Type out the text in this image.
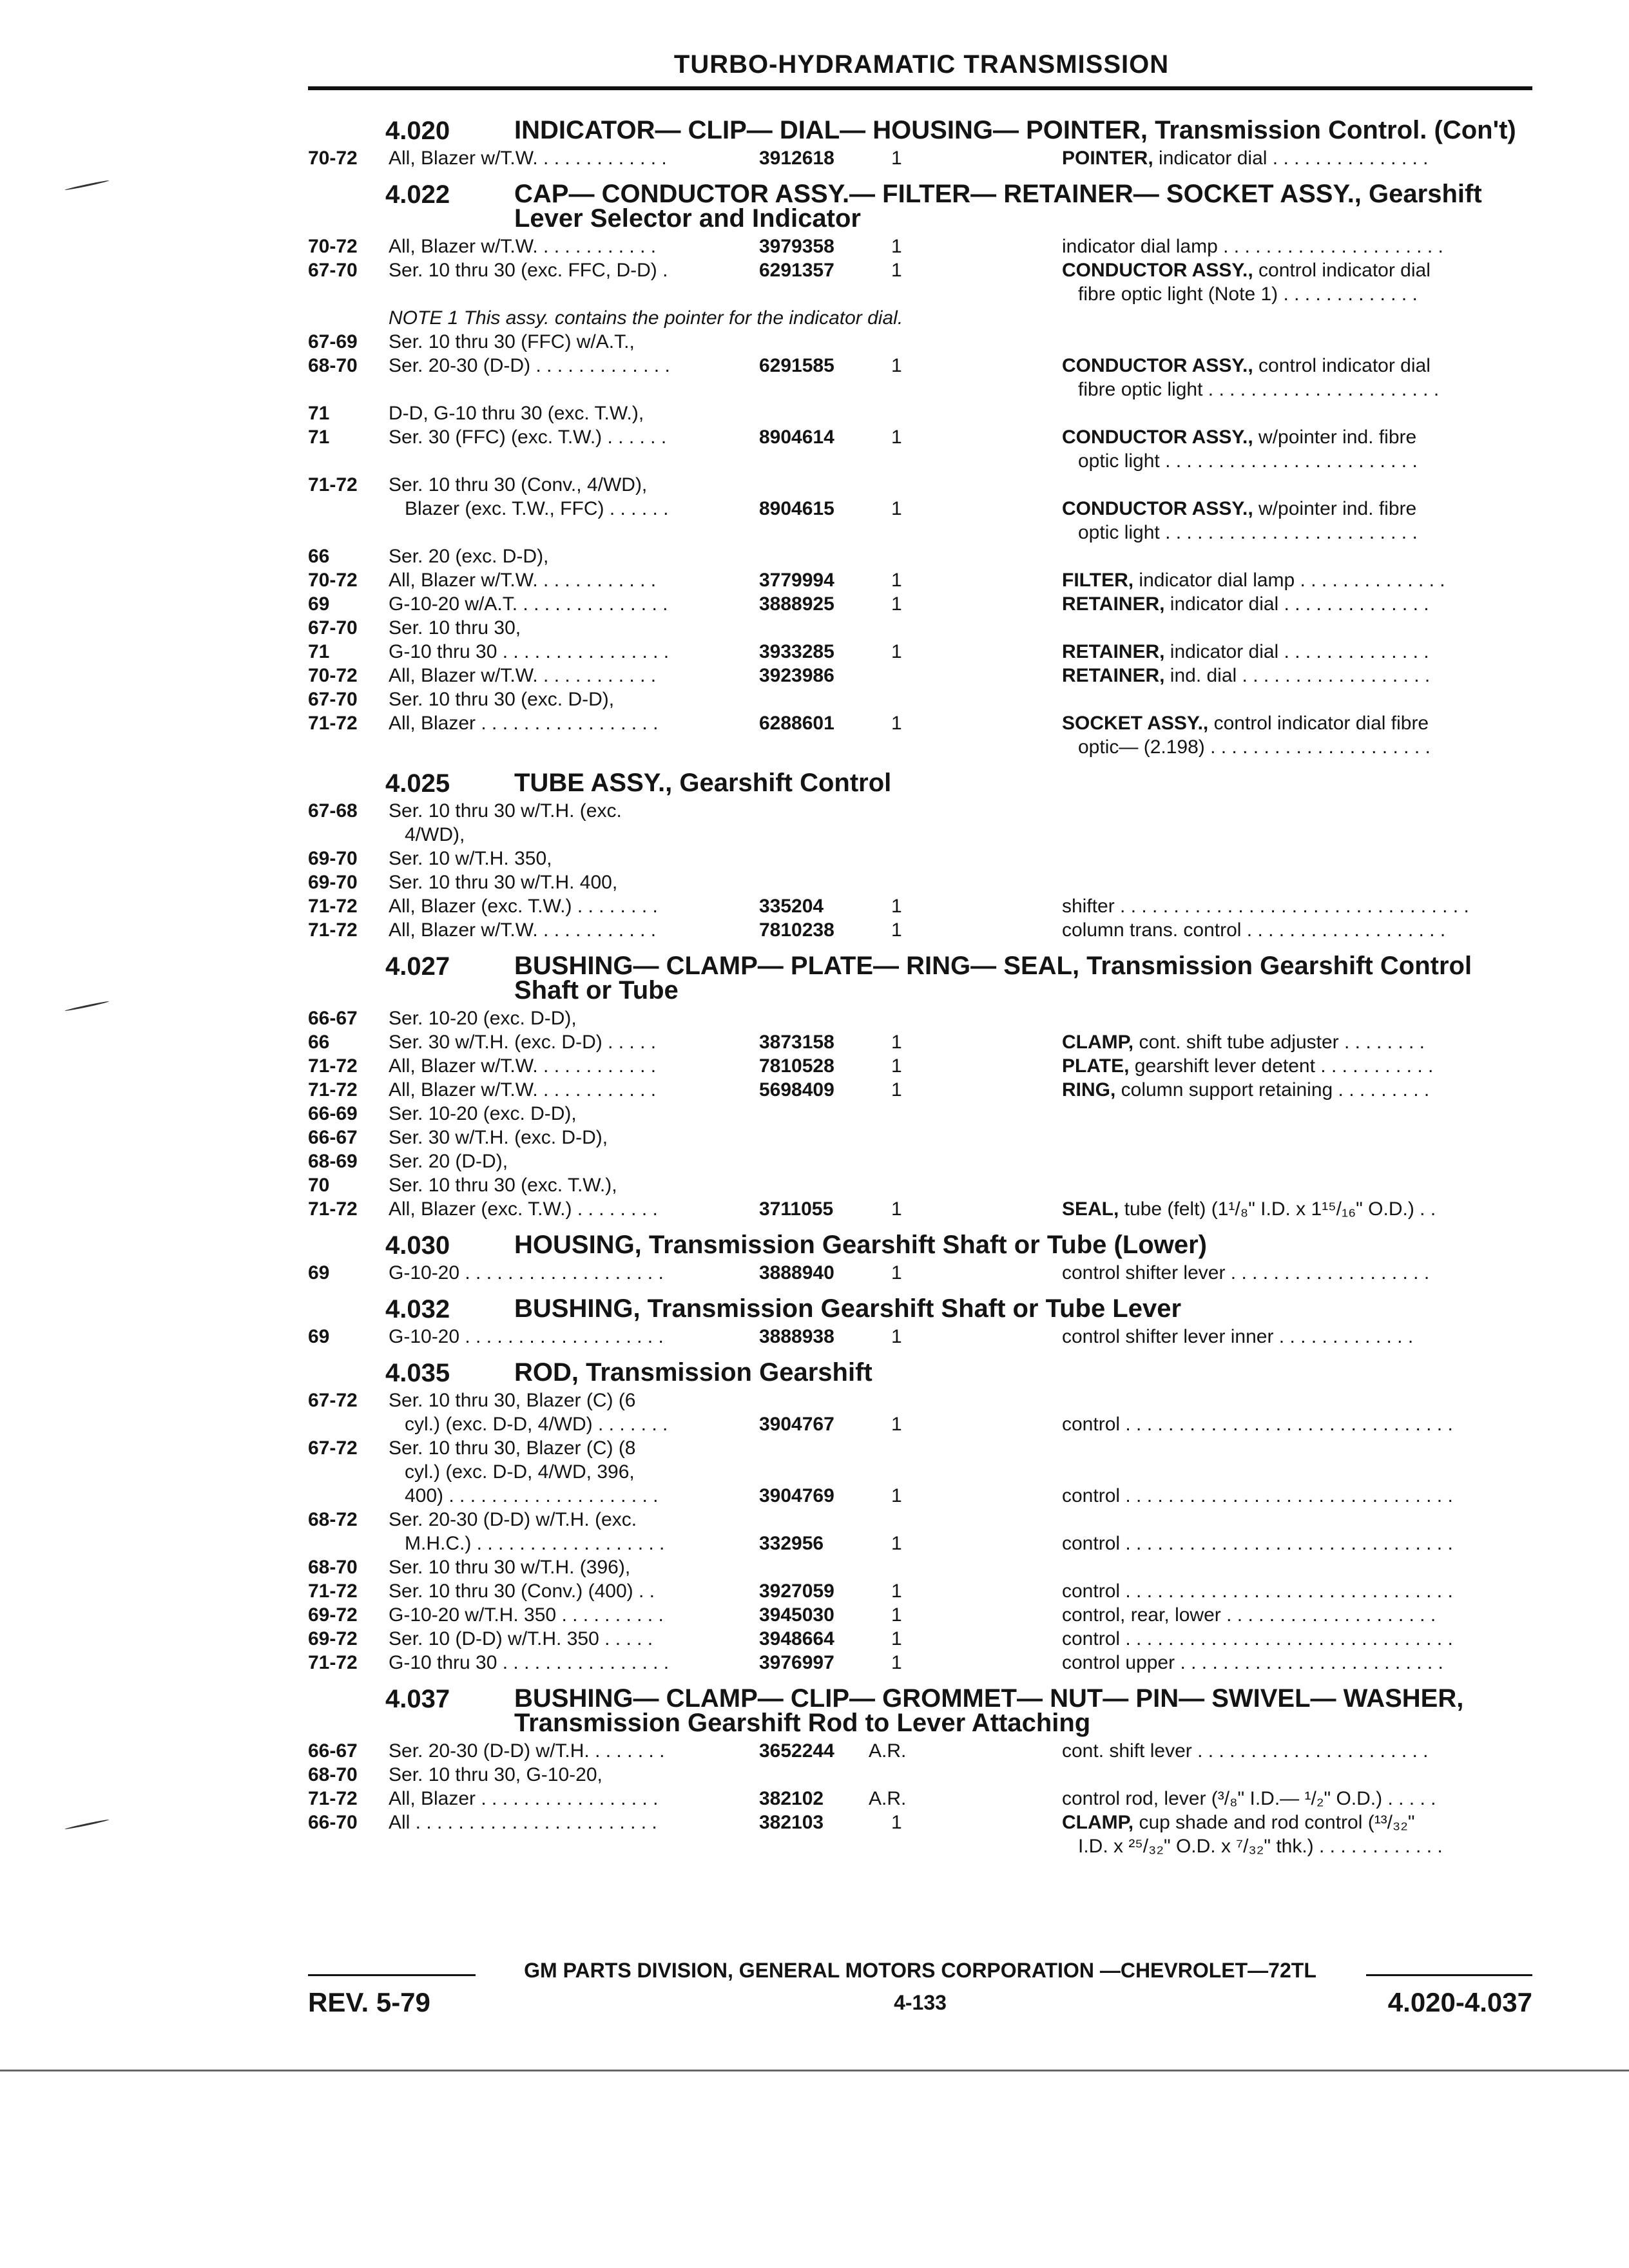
TURBO-HYDRAMATIC TRANSMISSION
4.020 INDICATOR— CLIP— DIAL— HOUSING— POINTER, Transmission Control. (Con't)
70-72 All, Blazer w/T.W. . . . . . . . . . . . .	3912618	1	POINTER, indicator dial . . . . . . . . . . . . . . .
4.022 CAP— CONDUCTOR ASSY.— FILTER— RETAINER— SOCKET ASSY., Gearshift Lever Selector and Indicator
70-72 All, Blazer w/T.W. . . . . . . . . . . .	3979358	1	indicator dial lamp . . . . . . . . . . . . . . . . . . . . .
67-70 Ser. 10 thru 30 (exc. FFC, D-D) .	6291357	1	CONDUCTOR ASSY., control indicator dial
fibre optic light (Note 1) . . . . . . . . . . . . .
NOTE 1 This assy. contains the pointer for the indicator dial.
67-69 Ser. 10 thru 30 (FFC) w/A.T.,
68-70 Ser. 20-30 (D-D) . . . . . . . . . . . . .	6291585	1	CONDUCTOR ASSY., control indicator dial
fibre optic light . . . . . . . . . . . . . . . . . . . . . .
71	D-D, G-10 thru 30 (exc. T.W.),
71	Ser. 30 (FFC) (exc. T.W.) . . . . . .	8904614	1	CONDUCTOR ASSY., w/pointer ind. fibre
optic light . . . . . . . . . . . . . . . . . . . . . . . .
71-72 Ser. 10 thru 30 (Conv., 4/WD),
Blazer (exc. T.W., FFC) . . . . . .	8904615	1	CONDUCTOR ASSY., w/pointer ind. fibre
optic light . . . . . . . . . . . . . . . . . . . . . . . .
66	Ser. 20 (exc. D-D),
70-72 All, Blazer w/T.W. . . . . . . . . . . .	3779994	1	FILTER, indicator dial lamp . . . . . . . . . . . . . .
69	G-10-20 w/A.T. . . . . . . . . . . . . . .	3888925	1	RETAINER, indicator dial . . . . . . . . . . . . . .
67-70 Ser. 10 thru 30,
71	G-10 thru 30 . . . . . . . . . . . . . . . .	3933285	1	RETAINER, indicator dial . . . . . . . . . . . . . .
70-72 All, Blazer w/T.W. . . . . . . . . . . .	3923986	RETAINER, ind. dial . . . . . . . . . . . . . . . . . .
67-70 Ser. 10 thru 30 (exc. D-D),
71-72 All, Blazer . . . . . . . . . . . . . . . . .	6288601	1	SOCKET ASSY., control indicator dial fibre
optic— (2.198) . . . . . . . . . . . . . . . . . . . . .
4.025 TUBE ASSY., Gearshift Control
67-68 Ser. 10 thru 30 w/T.H. (exc.
4/WD),
69-70 Ser. 10 w/T.H. 350,
69-70 Ser. 10 thru 30 w/T.H. 400,
71-72 All, Blazer (exc. T.W.) . . . . . . . .	335204	1	shifter . . . . . . . . . . . . . . . . . . . . . . . . . . . . . . . . .
71-72 All, Blazer w/T.W. . . . . . . . . . . .	7810238	1	column trans. control . . . . . . . . . . . . . . . . . . .
4.027 BUSHING— CLAMP— PLATE— RING— SEAL, Transmission Gearshift Control Shaft or Tube
66-67 Ser. 10-20 (exc. D-D),
66	Ser. 30 w/T.H. (exc. D-D) . . . . .	3873158	1	CLAMP, cont. shift tube adjuster . . . . . . . .
71-72 All, Blazer w/T.W. . . . . . . . . . . .	7810528	1	PLATE, gearshift lever detent . . . . . . . . . . .
71-72 All, Blazer w/T.W. . . . . . . . . . . .	5698409	1	RING, column support retaining . . . . . . . . .
66-69 Ser. 10-20 (exc. D-D),
66-67 Ser. 30 w/T.H. (exc. D-D),
68-69 Ser. 20 (D-D),
70	Ser. 10 thru 30 (exc. T.W.),
71-72 All, Blazer (exc. T.W.) . . . . . . . .	3711055	1	SEAL, tube (felt) (1¹/₈" I.D. x 1¹⁵/₁₆" O.D.) . .
4.030 HOUSING, Transmission Gearshift Shaft or Tube (Lower)
69	G-10-20 . . . . . . . . . . . . . . . . . . .	3888940	1	control shifter lever . . . . . . . . . . . . . . . . . . .
4.032 BUSHING, Transmission Gearshift Shaft or Tube Lever
69	G-10-20 . . . . . . . . . . . . . . . . . . .	3888938	1	control shifter lever inner . . . . . . . . . . . . .
4.035 ROD, Transmission Gearshift
67-72 Ser. 10 thru 30, Blazer (C) (6
cyl.) (exc. D-D, 4/WD) . . . . . . .	3904767	1	control . . . . . . . . . . . . . . . . . . . . . . . . . . . . . . .
67-72 Ser. 10 thru 30, Blazer (C) (8
cyl.) (exc. D-D, 4/WD, 396,
400) . . . . . . . . . . . . . . . . . . . .	3904769	1	control . . . . . . . . . . . . . . . . . . . . . . . . . . . . . . .
68-72 Ser. 20-30 (D-D) w/T.H. (exc.
M.H.C.) . . . . . . . . . . . . . . . . . .	332956	1	control . . . . . . . . . . . . . . . . . . . . . . . . . . . . . . .
68-70 Ser. 10 thru 30 w/T.H. (396),
71-72 Ser. 10 thru 30 (Conv.) (400) . .	3927059	1	control . . . . . . . . . . . . . . . . . . . . . . . . . . . . . . .
69-72 G-10-20 w/T.H. 350 . . . . . . . . . .	3945030	1	control, rear, lower . . . . . . . . . . . . . . . . . . . .
69-72 Ser. 10 (D-D) w/T.H. 350 . . . . .	3948664	1	control . . . . . . . . . . . . . . . . . . . . . . . . . . . . . . .
71-72 G-10 thru 30 . . . . . . . . . . . . . . . .	3976997	1	control upper . . . . . . . . . . . . . . . . . . . . . . . . .
4.037 BUSHING— CLAMP— CLIP— GROMMET— NUT— PIN— SWIVEL— WASHER, Transmission Gearshift Rod to Lever Attaching
66-67 Ser. 20-30 (D-D) w/T.H. . . . . . . .	3652244 A.R.	cont. shift lever . . . . . . . . . . . . . . . . . . . . . .
68-70 Ser. 10 thru 30, G-10-20,
71-72 All, Blazer . . . . . . . . . . . . . . . . .	382102 A.R.	control rod, lever (³/₈" I.D.— ¹/₂" O.D.) . . . . .
66-70 All . . . . . . . . . . . . . . . . . . . . . . .	382103	1	CLAMP, cup shade and rod control (¹³/₃₂"
I.D. x ²⁵/₃₂" O.D. x ⁷/₃₂" thk.) . . . . . . . . . . . .
GM PARTS DIVISION, GENERAL MOTORS CORPORATION —CHEVROLET—72TL
REV. 5-79	4-133	4.020-4.037
